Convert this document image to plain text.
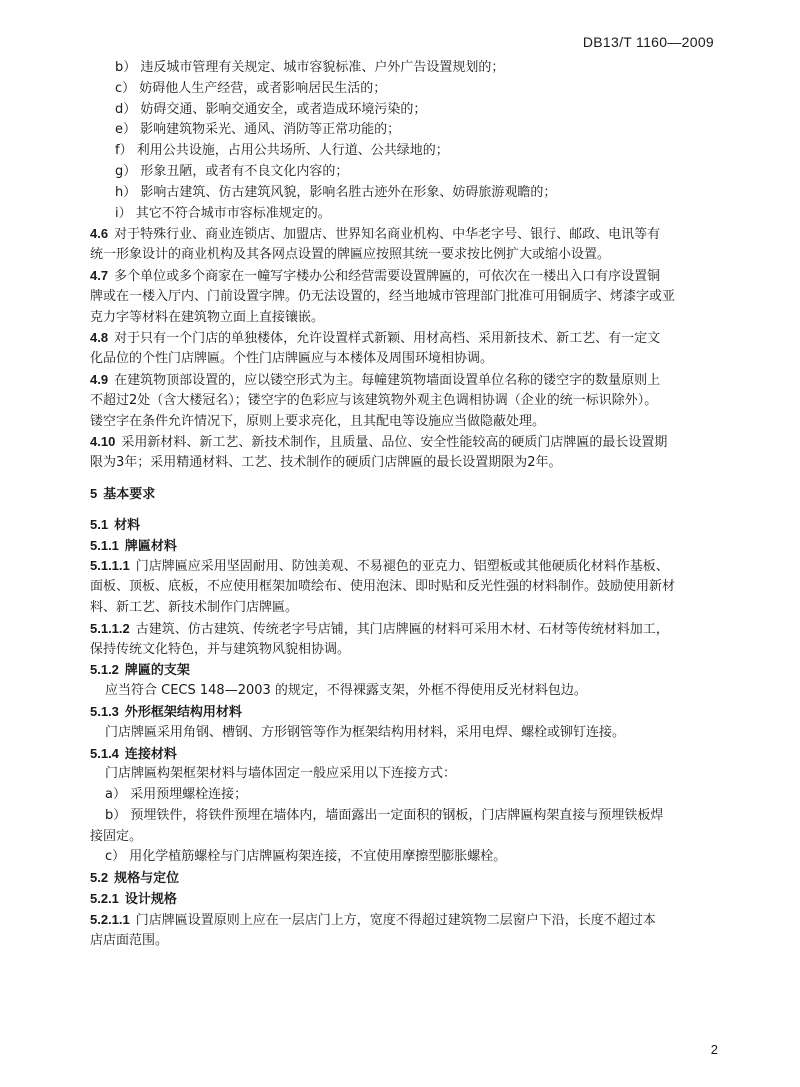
DB13/T 1160—2009
b） 违反城市管理有关规定、城市容貌标准、户外广告设置规划的；
c） 妨碍他人生产经营，或者影响居民生活的；
d） 妨碍交通、影响交通安全，或者造成环境污染的；
e） 影响建筑物采光、通风、消防等正常功能的；
f） 利用公共设施，占用公共场所、人行道、公共绿地的；
g） 形象丑陋，或者有不良文化内容的；
h） 影响古建筑、仿古建筑风貌，影响名胜古迹外在形象、妨碍旅游观瞻的；
i） 其它不符合城市市容标准规定的。
4.6 对于特殊行业、商业连锁店、加盟店、世界知名商业机构、中华老字号、银行、邮政、电讯等有
统一形象设计的商业机构及其各网点设置的牌匾应按照其统一要求按比例扩大或缩小设置。
4.7 多个单位或多个商家在一幢写字楼办公和经营需要设置牌匾的，可依次在一楼出入口有序设置铜
牌或在一楼入厅内、门前设置字牌。仍无法设置的，经当地城市管理部门批准可用铜质字、烤漆字或亚
克力字等材料在建筑物立面上直接镶嵌。
4.8 对于只有一个门店的单独楼体，允许设置样式新颖、用材高档、采用新技术、新工艺、有一定文
化品位的个性门店牌匾。个性门店牌匾应与本楼体及周围环境相协调。
4.9 在建筑物顶部设置的，应以镂空形式为主。每幢建筑物墙面设置单位名称的镂空字的数量原则上
不超过2处（含大楼冠名）；镂空字的色彩应与该建筑物外观主色调相协调（企业的统一标识除外）。
镂空字在条件允许情况下，原则上要求亮化，且其配电等设施应当做隐蔽处理。
4.10 采用新材料、新工艺、新技术制作，且质量、品位、安全性能较高的硬质门店牌匾的最长设置期
限为3年；采用精通材料、工艺、技术制作的硬质门店牌匾的最长设置期限为2年。
5 基本要求
5.1 材料
5.1.1 牌匾材料
5.1.1.1 门店牌匾应采用坚固耐用、防蚀美观、不易褪色的亚克力、铝塑板或其他硬质化材料作基板、
面板、顶板、底板，不应使用框架加喷绘布、使用泡沫、即时贴和反光性强的材料制作。鼓励使用新材
料、新工艺、新技术制作门店牌匾。
5.1.1.2 古建筑、仿古建筑、传统老字号店铺，其门店牌匾的材料可采用木材、石材等传统材料加工，
保持传统文化特色，并与建筑物风貌相协调。
5.1.2 牌匾的支架
应当符合 CECS 148—2003 的规定，不得裸露支架，外框不得使用反光材料包边。
5.1.3 外形框架结构用材料
门店牌匾采用角钢、槽钢、方形钢管等作为框架结构用材料，采用电焊、螺栓或铆钉连接。
5.1.4 连接材料
门店牌匾构架框架材料与墙体固定一般应采用以下连接方式：
a） 采用预埋螺栓连接；
b） 预埋铁件，将铁件预埋在墙体内，墙面露出一定面积的钢板，门店牌匾构架直接与预埋铁板焊
接固定。
c） 用化学植筋螺栓与门店牌匾构架连接，不宜使用摩擦型膨胀螺栓。
5.2 规格与定位
5.2.1 设计规格
5.2.1.1 门店牌匾设置原则上应在一层店门上方，宽度不得超过建筑物二层窗户下沿，长度不超过本
店店面范围。
2
